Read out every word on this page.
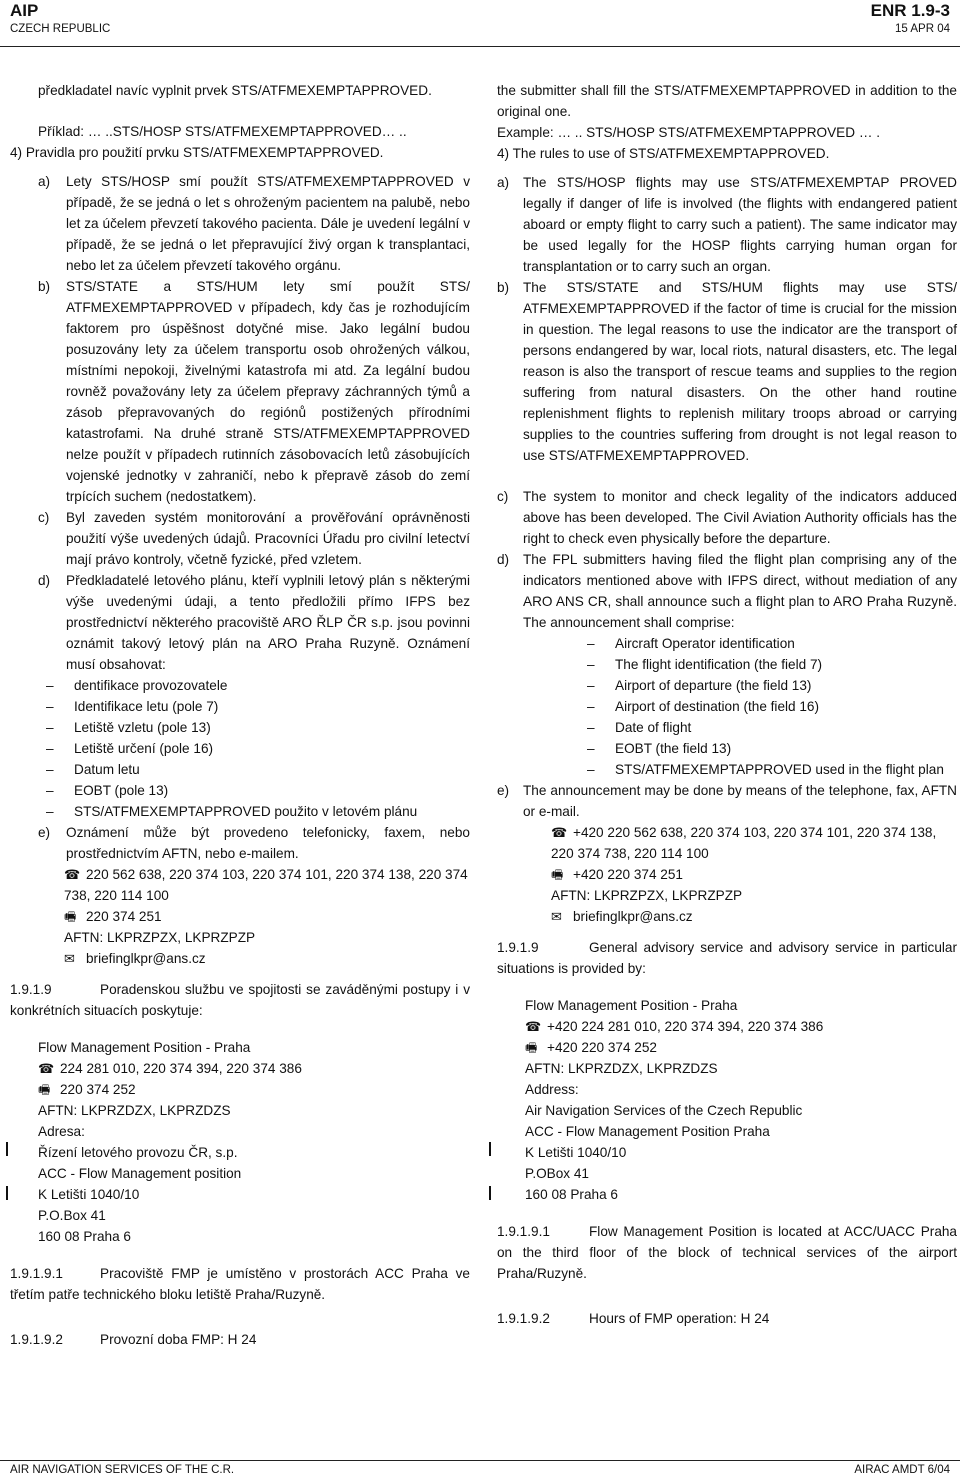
AIP
CZECH REPUBLIC
ENR 1.9-3
15 APR 04

předkladatel navíc vyplnit prvek STS/ATFMEXEMPTAPPROVED.

Příklad: … ..STS/HOSP STS/ATFMEXEMPTAPPROVED… ..

4) Pravidla pro použití prvku STS/ATFMEXEMPTAPPROVED.

a)	Lety STS/HOSP smí použít STS/ATFMEXEMPTAPPROVED v případě, že se jedná o let s ohroženým pacientem na palubě, nebo let za účelem převzetí takového pacienta. Dále je uvedení legální v případě, že se jedná o let přepravující živý organ k transplantaci, nebo let za účelem převzetí takového orgánu.
b)	STS/STATE a STS/HUM lety smí použít STS/ ATFMEXEMPTAPPROVED v případech, kdy čas je rozhodujícím faktorem pro úspěšnost dotyčné mise. Jako legální budou posuzovány lety za účelem transportu osob ohrožených válkou, místními nepokoji, živelnými katastrofa mi atd. Za legální budou rovněž považovány lety za účelem přepravy záchranných týmů a zásob přepravovaných do regiónů postižených přírodními katastrofami. Na druhé straně STS/ATFMEXEMPTAPPROVED nelze použít v případech rutinních zásobovacích letů zásobujících vojenské jednotky v zahraničí, nebo k přepravě zásob do zemí trpících suchem (nedostatkem).
c)	Byl zaveden systém monitorování a prověřování oprávněnosti použití výše uvedených údajů. Pracovníci Úřadu pro civilní letectví mají právo kontroly, včetně fyzické, před vzletem.
d)	Předkladatelé letového plánu, kteří vyplnili letový plán s některými výše uvedenými údaji, a tento předložili přímo IFPS bez prostřednictví některého pracoviště ARO ŘLP ČR s.p. jsou povinni oznámit takový letový plán na ARO Praha Ruzyně. Oznámení musí obsahovat:
–	dentifikace provozovatele
–	Identifikace letu (pole 7)
–	Letiště vzletu (pole 13)
–	Letiště určení (pole 16)
–	Datum letu
–	EOBT (pole 13)
–	STS/ATFMEXEMPTAPPROVED použito v letovém plánu
e)	Oznámení může být provedeno telefonicky, faxem, nebo prostřednictvím AFTN, nebo e-mailem.

☎ 220 562 638, 220 374 103, 220 374 101, 220 374 138, 220 374 738, 220 114 100

🖷 220 374 251

AFTN: LKPRZPZX, LKPRZPZP

✉ briefinglkpr@ans.cz

1.9.1.9	Poradenskou službu ve spojitosti se zaváděnými postupy i v konkrétních situacích poskytuje:

Flow Management Position - Praha

☎ 224 281 010, 220 374 394, 220 374 386

🖷 220 374 252

AFTN: LKPRZDZX, LKPRZDZS

Adresa:

Řízení letového provozu ČR, s.p.

ACC - Flow Management position

K Letišti 1040/10

P.O.Box 41

160 08 Praha 6

1.9.1.9.1	Pracoviště FMP je umístěno v prostorách ACC Praha ve třetím patře technického bloku letiště Praha/Ruzyně.

1.9.1.9.2	Provozní doba FMP: H 24

the submitter shall fill the STS/ATFMEXEMPTAPPROVED in addition to the original one.

Example: … .. STS/HOSP STS/ATFMEXEMPTAPPROVED … .

4) The rules to use of STS/ATFMEXEMPTAPPROVED.

a)	The STS/HOSP flights may use STS/ATFMEXEMPTAP PROVED legally if danger of life is involved (the flights with endangered patient aboard or empty flight to carry such a patient). The same indicator may be used legally for the HOSP flights carrying human organ for transplantation or to carry such an organ.
b)	The STS/STATE and STS/HUM flights may use STS/ ATFMEXEMPTAPPROVED if the factor of time is crucial for the mission in question. The legal reasons to use the indicator are the transport of persons endangered by war, local riots, natural disasters, etc. The legal reason is also the transport of rescue teams and supplies to the region suffering from natural disasters. On the other hand routine replenishment flights to replenish military troops abroad or carrying supplies to the countries suffering from drought is not legal reason to use STS/ATFMEXEMPTAPPROVED.
c)	The system to monitor and check legality of the indicators adduced above has been developed. The Civil Aviation Authority officials has the right to check even physically before the departure.
d)	The FPL submitters having filed the flight plan comprising any of the indicators mentioned above with IFPS direct, without mediation of any ARO ANS CR, shall announce such a flight plan to ARO Praha Ruzyně. The announcement shall comprise:
–	Aircraft Operator identification
–	The flight identification (the field 7)
–	Airport of departure (the field 13)
–	Airport of destination (the field 16)
–	Date of flight
–	EOBT (the field 13)
–	STS/ATFMEXEMPTAPPROVED used in the flight plan
e)	The announcement may be done by means of the telephone, fax, AFTN or e-mail.

☎ +420 220 562 638, 220 374 103, 220 374 101, 220 374 138, 220 374 738, 220 114 100

🖷 +420 220 374 251

AFTN: LKPRZPZX, LKPRZPZP

✉ briefinglkpr@ans.cz

1.9.1.9	General advisory service and advisory service in particular situations is provided by:

Flow Management Position - Praha

☎ +420 224 281 010, 220 374 394, 220 374 386

🖷 +420 220 374 252

AFTN: LKPRZDZX, LKPRZDZS

Address:

Air Navigation Services of the Czech Republic

ACC - Flow Management Position Praha

K Letišti 1040/10

P.OBox 41

160 08 Praha 6

1.9.1.9.1	Flow Management Position is located at ACC/UACC Praha on the third floor of the block of technical services of the airport Praha/Ruzyně.

1.9.1.9.2	Hours of FMP operation: H 24

AIR NAVIGATION SERVICES OF THE C.R.	AIRAC AMDT 6/04
